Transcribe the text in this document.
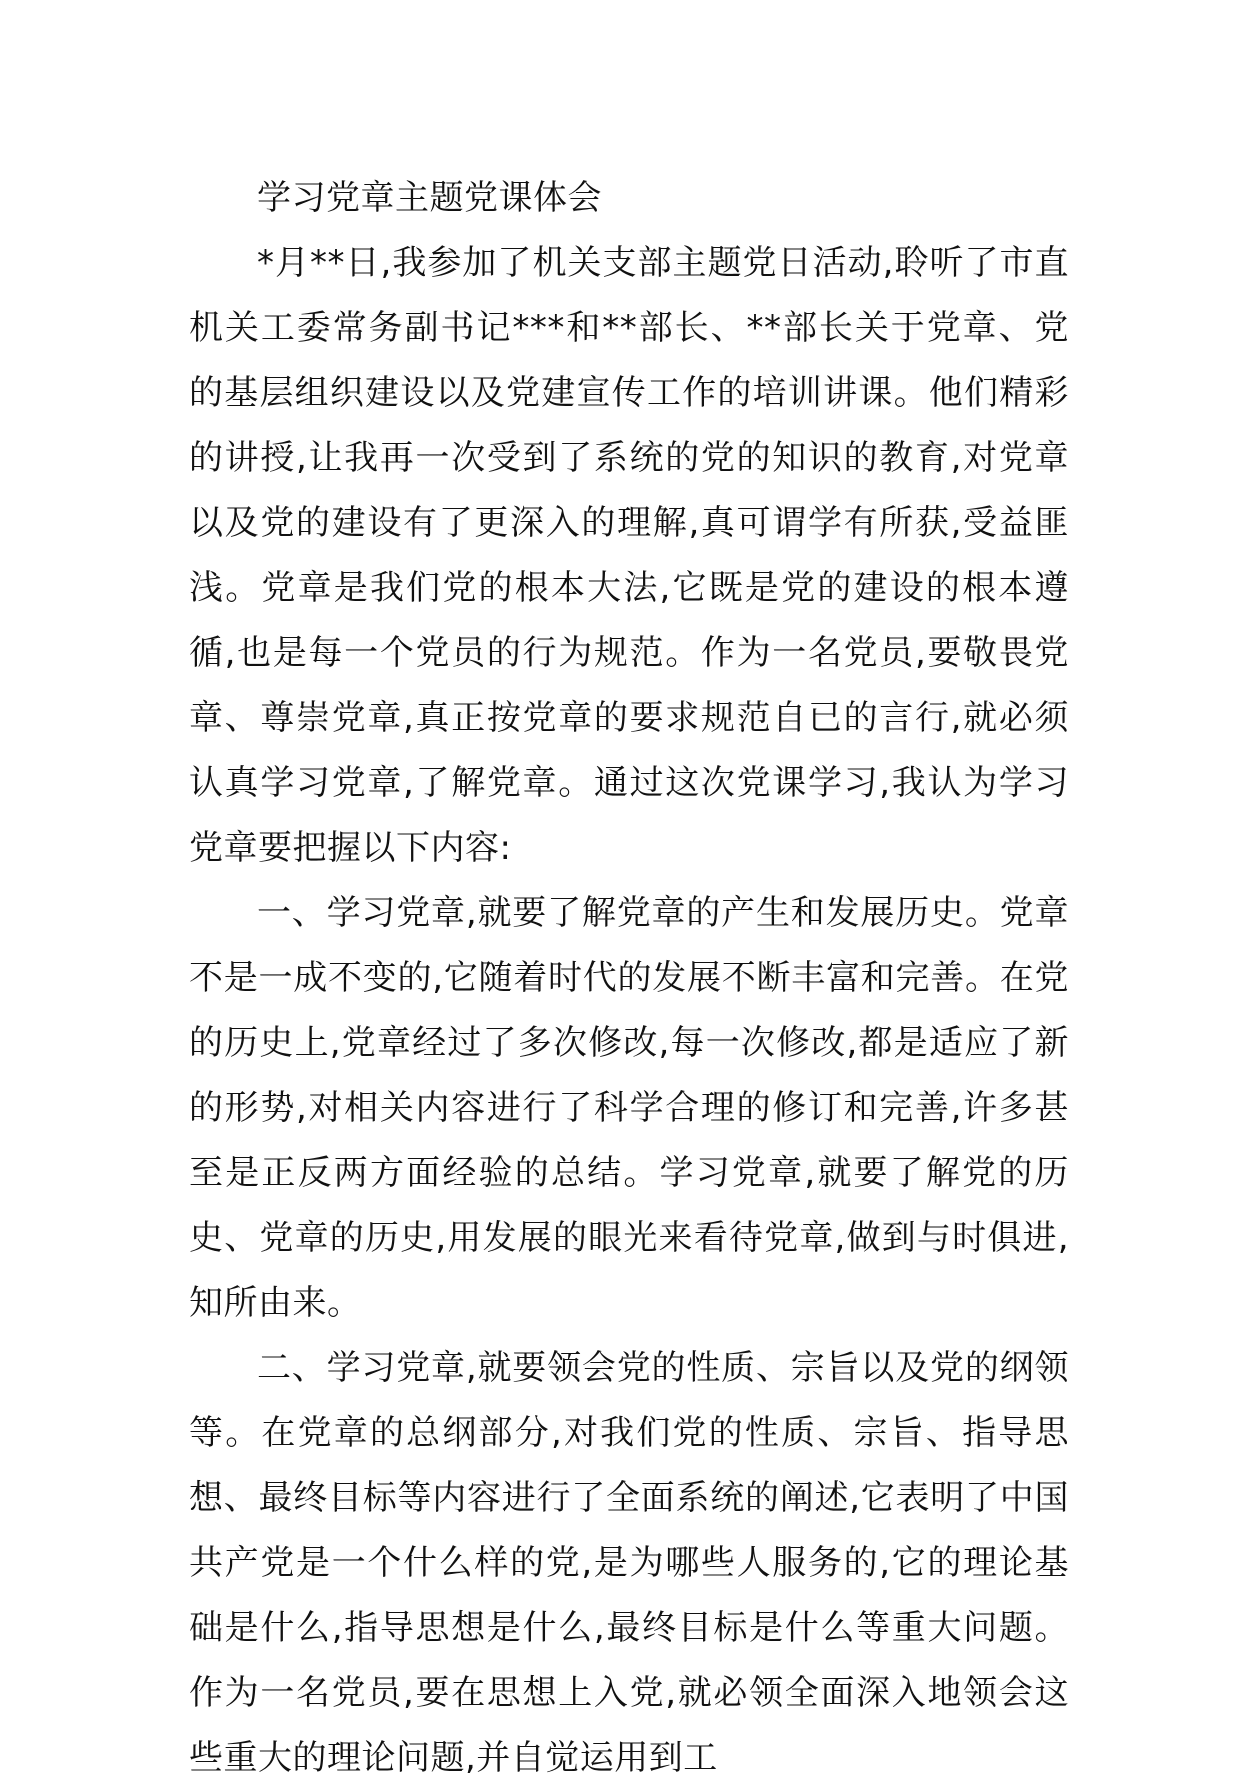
学习党章主题党课体会

*月**日,我参加了机关支部主题党日活动,聆听了市直机关工委常务副书记***和**部长、**部长关于党章、党的基层组织建设以及党建宣传工作的培训讲课。他们精彩的讲授,让我再一次受到了系统的党的知识的教育,对党章以及党的建设有了更深入的理解,真可谓学有所获,受益匪浅。党章是我们党的根本大法,它既是党的建设的根本遵循,也是每一个党员的行为规范。作为一名党员,要敬畏党章、尊崇党章,真正按党章的要求规范自已的言行,就必须认真学习党章,了解党章。通过这次党课学习,我认为学习党章要把握以下内容:

一、学习党章,就要了解党章的产生和发展历史。党章不是一成不变的,它随着时代的发展不断丰富和完善。在党的历史上,党章经过了多次修改,每一次修改,都是适应了新的形势,对相关内容进行了科学合理的修订和完善,许多甚至是正反两方面经验的总结。学习党章,就要了解党的历史、党章的历史,用发展的眼光来看待党章,做到与时俱进,知所由来。

二、学习党章,就要领会党的性质、宗旨以及党的纲领等。在党章的总纲部分,对我们党的性质、宗旨、指导思想、最终目标等内容进行了全面系统的阐述,它表明了中国共产党是一个什么样的党,是为哪些人服务的,它的理论基础是什么,指导思想是什么,最终目标是什么等重大问题。作为一名党员,要在思想上入党,就必领全面深入地领会这些重大的理论问题,并自觉运用到工
